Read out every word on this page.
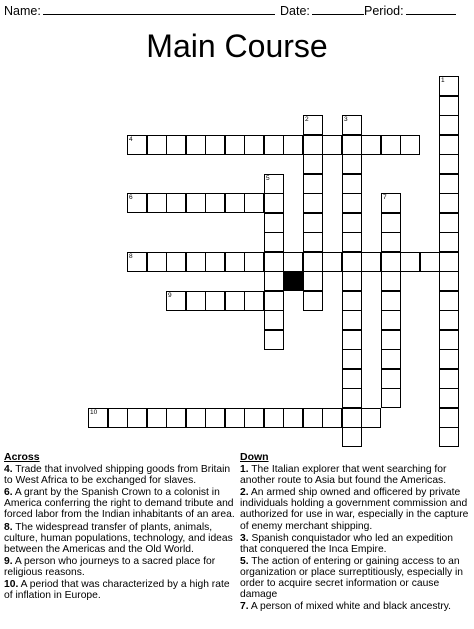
Name:	Date:	Period:
Main Course
1
2	3
4
5
6	7
8
9
10
Across
4. Trade that involved shipping goods from Britain to West Africa to be exchanged for slaves.
6. A grant by the Spanish Crown to a colonist in America conferring the right to demand tribute and forced labor from the Indian inhabitants of an area.
8. The widespread transfer of plants, animals, culture, human populations, technology, and ideas between the Americas and the Old World.
9. A person who journeys to a sacred place for religious reasons.
10. A period that was characterized by a high rate of inflation in Europe.
Down
1. The Italian explorer that went searching for another route to Asia but found the Americas.
2. An armed ship owned and officered by private individuals holding a government commission and authorized for use in war, especially in the capture of enemy merchant shipping.
3. Spanish conquistador who led an expedition that conquered the Inca Empire.
5. The action of entering or gaining access to an organization or place surreptitiously, especially in order to acquire secret information or cause damage
7. A person of mixed white and black ancestry.
